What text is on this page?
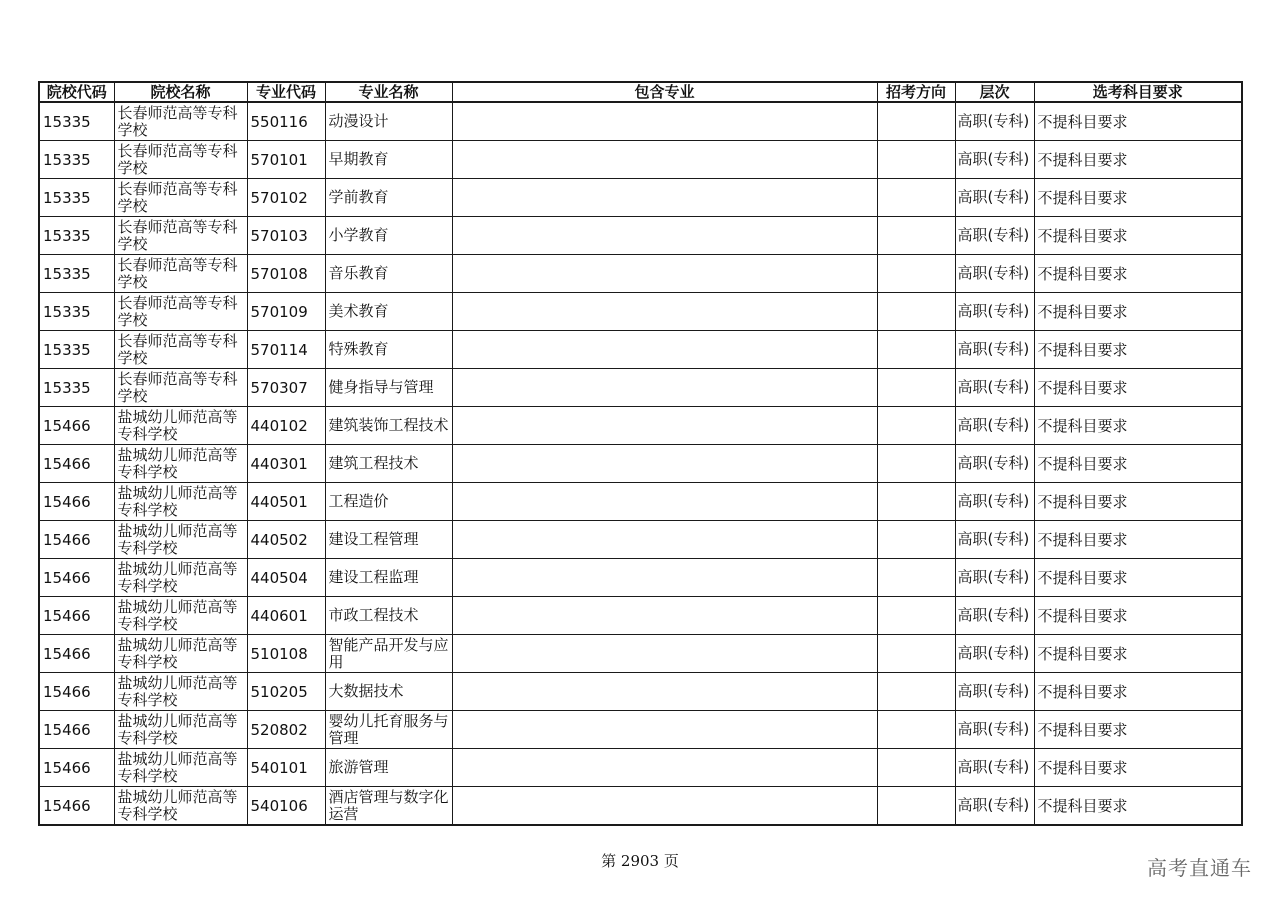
院校代码	院校名称	专业代码	专业名称	包含专业	招考方向	层次	选考科目要求
15335	长春师范高等专科学校	550116	动漫设计			高职(专科)	不提科目要求
15335	长春师范高等专科学校	570101	早期教育			高职(专科)	不提科目要求
15335	长春师范高等专科学校	570102	学前教育			高职(专科)	不提科目要求
15335	长春师范高等专科学校	570103	小学教育			高职(专科)	不提科目要求
15335	长春师范高等专科学校	570108	音乐教育			高职(专科)	不提科目要求
15335	长春师范高等专科学校	570109	美术教育			高职(专科)	不提科目要求
15335	长春师范高等专科学校	570114	特殊教育			高职(专科)	不提科目要求
15335	长春师范高等专科学校	570307	健身指导与管理			高职(专科)	不提科目要求
15466	盐城幼儿师范高等专科学校	440102	建筑装饰工程技术			高职(专科)	不提科目要求
15466	盐城幼儿师范高等专科学校	440301	建筑工程技术			高职(专科)	不提科目要求
15466	盐城幼儿师范高等专科学校	440501	工程造价			高职(专科)	不提科目要求
15466	盐城幼儿师范高等专科学校	440502	建设工程管理			高职(专科)	不提科目要求
15466	盐城幼儿师范高等专科学校	440504	建设工程监理			高职(专科)	不提科目要求
15466	盐城幼儿师范高等专科学校	440601	市政工程技术			高职(专科)	不提科目要求
15466	盐城幼儿师范高等专科学校	510108	智能产品开发与应用			高职(专科)	不提科目要求
15466	盐城幼儿师范高等专科学校	510205	大数据技术			高职(专科)	不提科目要求
15466	盐城幼儿师范高等专科学校	520802	婴幼儿托育服务与管理			高职(专科)	不提科目要求
15466	盐城幼儿师范高等专科学校	540101	旅游管理			高职(专科)	不提科目要求
15466	盐城幼儿师范高等专科学校	540106	酒店管理与数字化运营			高职(专科)	不提科目要求
第 2903 页	高考直通车
